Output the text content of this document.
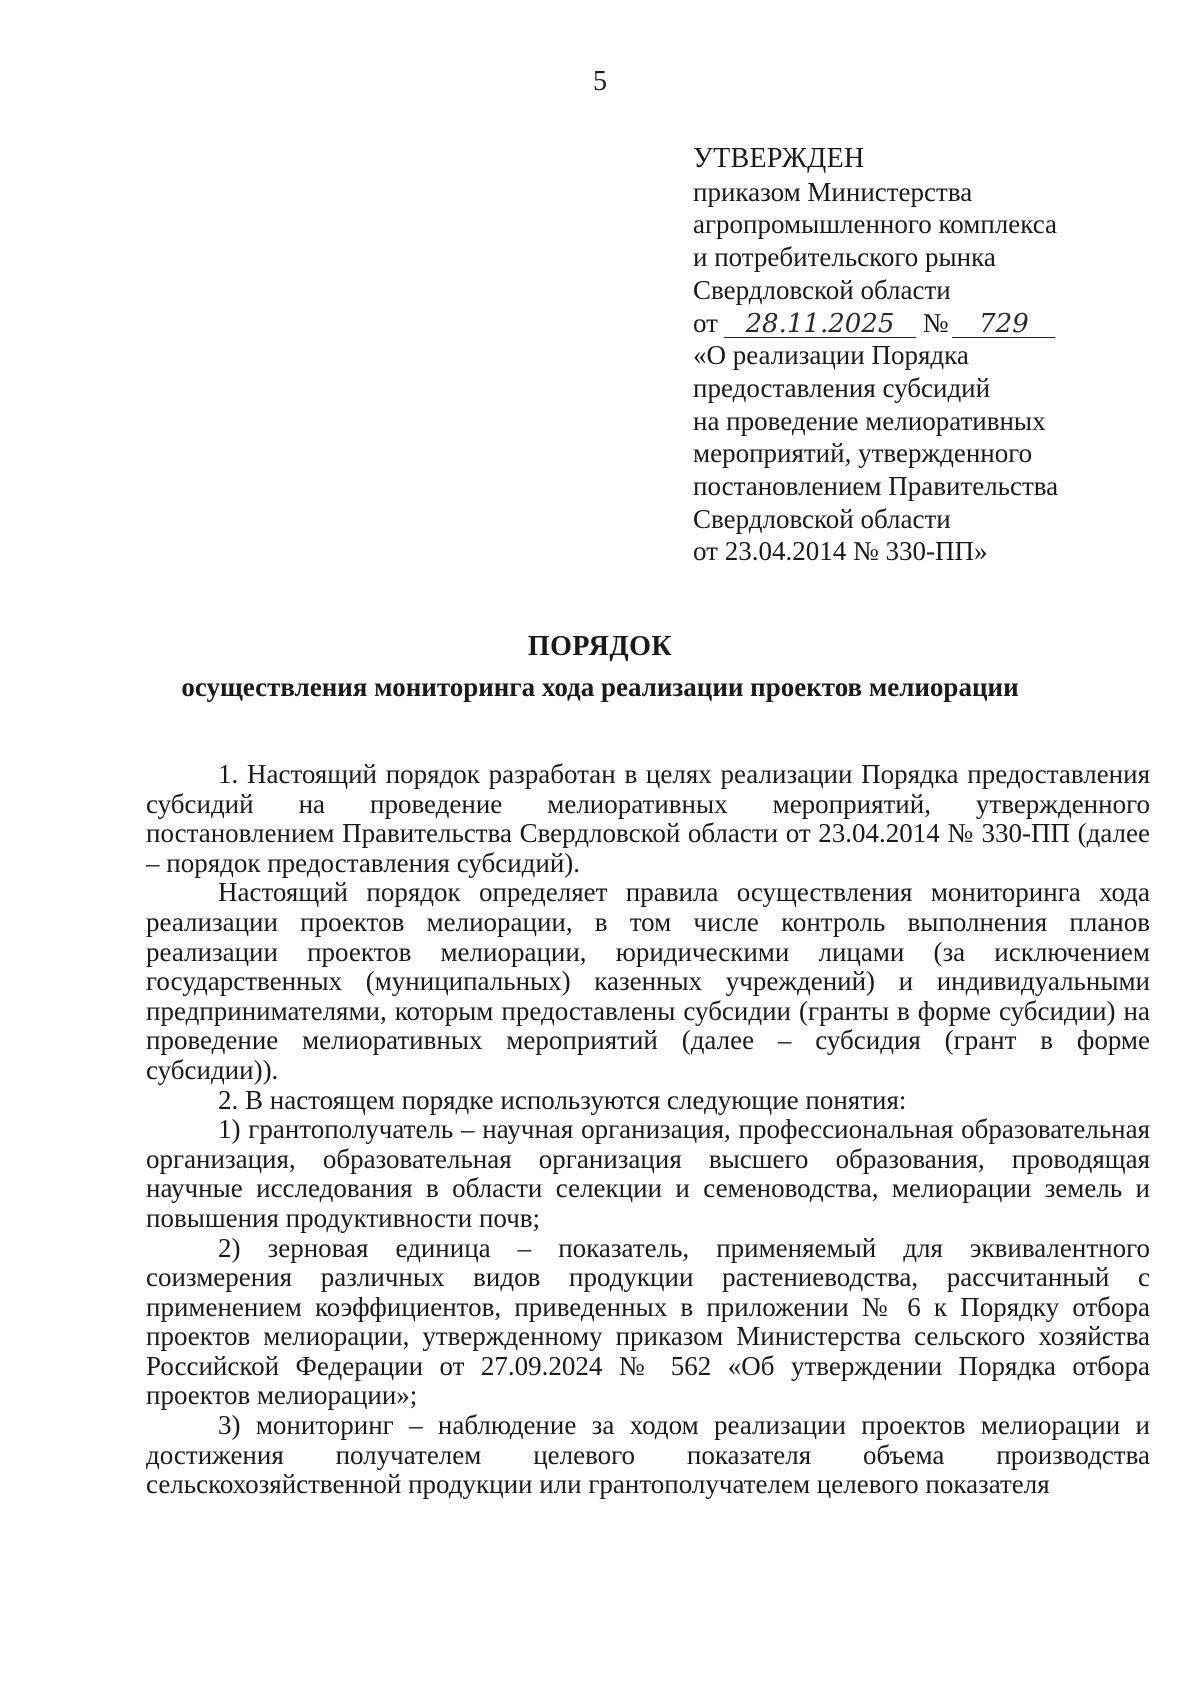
5
УТВЕРЖДЕН
приказом Министерства
агропромышленного комплекса
и потребительского рынка
Свердловской области
от 28.11.2025 № 729
«О реализации Порядка
предоставления субсидий
на проведение мелиоративных
мероприятий, утвержденного
постановлением Правительства
Свердловской области
от 23.04.2014 № 330-ПП»
ПОРЯДОК
осуществления мониторинга хода реализации проектов мелиорации

1. Настоящий порядок разработан в целях реализации Порядка предоставления субсидий на проведение мелиоративных мероприятий, утвержденного постановлением Правительства Свердловской области от 23.04.2014 № 330-ПП (далее – порядок предоставления субсидий).

Настоящий порядок определяет правила осуществления мониторинга хода реализации проектов мелиорации, в том числе контроль выполнения планов реализации проектов мелиорации, юридическими лицами (за исключением государственных (муниципальных) казенных учреждений) и индивидуальными предпринимателями, которым предоставлены субсидии (гранты в форме субсидии) на проведение мелиоративных мероприятий (далее – субсидия (грант в форме субсидии)).

2. В настоящем порядке используются следующие понятия:

1) грантополучатель – научная организация, профессиональная образовательная организация, образовательная организация высшего образования, проводящая научные исследования в области селекции и семеноводства, мелиорации земель и повышения продуктивности почв;

2) зерновая единица – показатель, применяемый для эквивалентного соизмерения различных видов продукции растениеводства, рассчитанный с применением коэффициентов, приведенных в приложении № 6 к Порядку отбора проектов мелиорации, утвержденному приказом Министерства сельского хозяйства Российской Федерации от 27.09.2024 № 562 «Об утверждении Порядка отбора проектов мелиорации»;

3) мониторинг – наблюдение за ходом реализации проектов мелиорации и достижения получателем целевого показателя объема производства сельскохозяйственной продукции или грантополучателем целевого показателя
